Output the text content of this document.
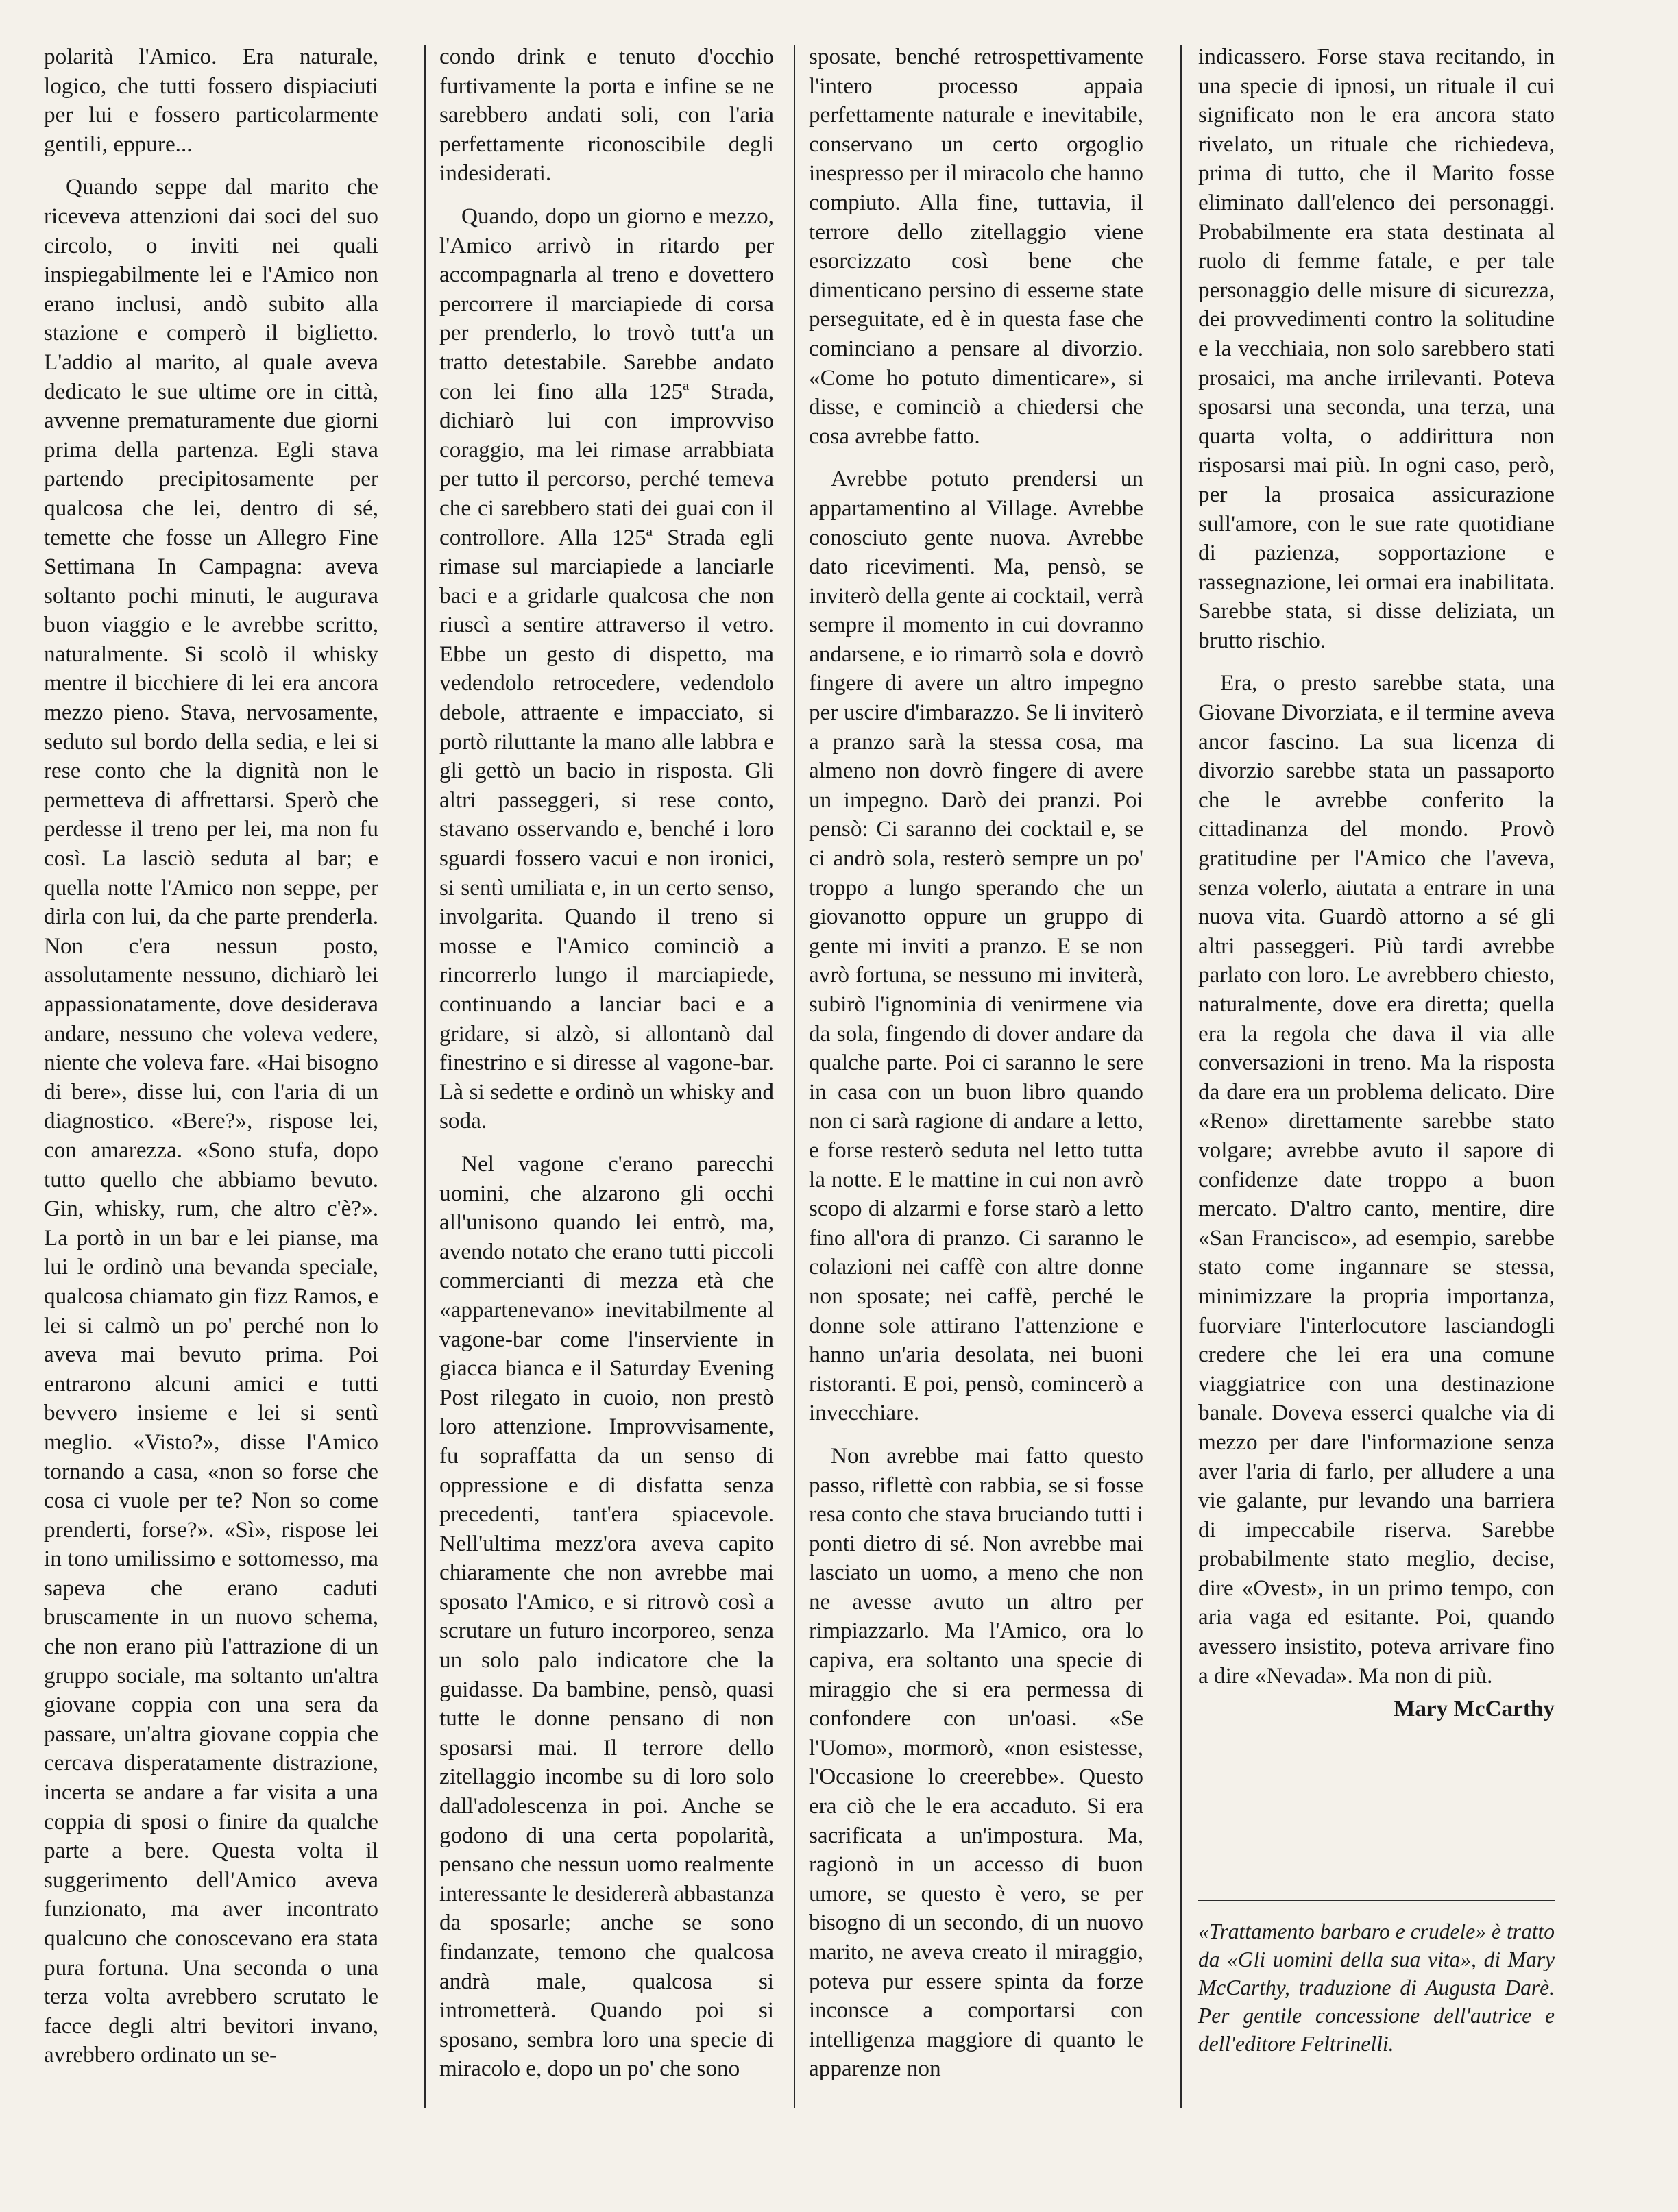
polarità l'Amico. Era naturale, logico, che tutti fossero dispiaciuti per lui e fossero particolarmente gentili, eppure...

Quando seppe dal marito che riceveva attenzioni dai soci del suo circolo, o inviti nei quali inspiegabilmente lei e l'Amico non erano inclusi, andò subito alla stazione e comperò il biglietto. L'addio al marito, al quale aveva dedicato le sue ultime ore in città, avvenne prematuramente due giorni prima della partenza. Egli stava partendo precipitosamente per qualcosa che lei, dentro di sé, temette che fosse un Allegro Fine Settimana In Campagna: aveva soltanto pochi minuti, le augurava buon viaggio e le avrebbe scritto, naturalmente. Si scolò il whisky mentre il bicchiere di lei era ancora mezzo pieno. Stava, nervosamente, seduto sul bordo della sedia, e lei si rese conto che la dignità non le permetteva di affrettarsi. Sperò che perdesse il treno per lei, ma non fu così. La lasciò seduta al bar; e quella notte l'Amico non seppe, per dirla con lui, da che parte prenderla. Non c'era nessun posto, assolutamente nessuno, dichiarò lei appassionatamente, dove desiderava andare, nessuno che voleva vedere, niente che voleva fare. «Hai bisogno di bere», disse lui, con l'aria di un diagnostico. «Bere?», rispose lei, con amarezza. «Sono stufa, dopo tutto quello che abbiamo bevuto. Gin, whisky, rum, che altro c'è?». La portò in un bar e lei pianse, ma lui le ordinò una bevanda speciale, qualcosa chiamato gin fizz Ramos, e lei si calmò un po' perché non lo aveva mai bevuto prima. Poi entrarono alcuni amici e tutti bevvero insieme e lei si sentì meglio. «Visto?», disse l'Amico tornando a casa, «non so forse che cosa ci vuole per te? Non so come prenderti, forse?». «Sì», rispose lei in tono umilissimo e sottomesso, ma sapeva che erano caduti bruscamente in un nuovo schema, che non erano più l'attrazione di un gruppo sociale, ma soltanto un'altra giovane coppia con una sera da passare, un'altra giovane coppia che cercava disperatamente distrazione, incerta se andare a far visita a una coppia di sposi o finire da qualche parte a bere. Questa volta il suggerimento dell'Amico aveva funzionato, ma aver incontrato qualcuno che conoscevano era stata pura fortuna. Una seconda o una terza volta avrebbero scrutato le facce degli altri bevitori invano, avrebbero ordinato un se-

condo drink e tenuto d'occhio furtivamente la porta e infine se ne sarebbero andati soli, con l'aria perfettamente riconoscibile degli indesiderati.

Quando, dopo un giorno e mezzo, l'Amico arrivò in ritardo per accompagnarla al treno e dovettero percorrere il marciapiede di corsa per prenderlo, lo trovò tutt'a un tratto detestabile. Sarebbe andato con lei fino alla 125ª Strada, dichiarò lui con improvviso coraggio, ma lei rimase arrabbiata per tutto il percorso, perché temeva che ci sarebbero stati dei guai con il controllore. Alla 125ª Strada egli rimase sul marciapiede a lanciarle baci e a gridarle qualcosa che non riuscì a sentire attraverso il vetro. Ebbe un gesto di dispetto, ma vedendolo retrocedere, vedendolo debole, attraente e impacciato, si portò riluttante la mano alle labbra e gli gettò un bacio in risposta. Gli altri passeggeri, si rese conto, stavano osservando e, benché i loro sguardi fossero vacui e non ironici, si sentì umiliata e, in un certo senso, involgarita. Quando il treno si mosse e l'Amico cominciò a rincorrerlo lungo il marciapiede, continuando a lanciar baci e a gridare, si alzò, si allontanò dal finestrino e si diresse al vagone-bar. Là si sedette e ordinò un whisky and soda.

Nel vagone c'erano parecchi uomini, che alzarono gli occhi all'unisono quando lei entrò, ma, avendo notato che erano tutti piccoli commercianti di mezza età che «appartenevano» inevitabilmente al vagone-bar come l'inserviente in giacca bianca e il Saturday Evening Post rilegato in cuoio, non prestò loro attenzione. Improvvisamente, fu sopraffatta da un senso di oppressione e di disfatta senza precedenti, tant'era spiacevole. Nell'ultima mezz'ora aveva capito chiaramente che non avrebbe mai sposato l'Amico, e si ritrovò così a scrutare un futuro incorporeo, senza un solo palo indicatore che la guidasse. Da bambine, pensò, quasi tutte le donne pensano di non sposarsi mai. Il terrore dello zitellaggio incombe su di loro solo dall'adolescenza in poi. Anche se godono di una certa popolarità, pensano che nessun uomo realmente interessante le desidererà abbastanza da sposarle; anche se sono findanzate, temono che qualcosa andrà male, qualcosa si intrometterà. Quando poi si sposano, sembra loro una specie di miracolo e, dopo un po' che sono

sposate, benché retrospettivamente l'intero processo appaia perfettamente naturale e inevitabile, conservano un certo orgoglio inespresso per il miracolo che hanno compiuto. Alla fine, tuttavia, il terrore dello zitellaggio viene esorcizzato così bene che dimenticano persino di esserne state perseguitate, ed è in questa fase che cominciano a pensare al divorzio. «Come ho potuto dimenticare», si disse, e cominciò a chiedersi che cosa avrebbe fatto.

Avrebbe potuto prendersi un appartamentino al Village. Avrebbe conosciuto gente nuova. Avrebbe dato ricevimenti. Ma, pensò, se inviterò della gente ai cocktail, verrà sempre il momento in cui dovranno andarsene, e io rimarrò sola e dovrò fingere di avere un altro impegno per uscire d'imbarazzo. Se li inviterò a pranzo sarà la stessa cosa, ma almeno non dovrò fingere di avere un impegno. Darò dei pranzi. Poi pensò: Ci saranno dei cocktail e, se ci andrò sola, resterò sempre un po' troppo a lungo sperando che un giovanotto oppure un gruppo di gente mi inviti a pranzo. E se non avrò fortuna, se nessuno mi inviterà, subirò l'ignominia di venirmene via da sola, fingendo di dover andare da qualche parte. Poi ci saranno le sere in casa con un buon libro quando non ci sarà ragione di andare a letto, e forse resterò seduta nel letto tutta la notte. E le mattine in cui non avrò scopo di alzarmi e forse starò a letto fino all'ora di pranzo. Ci saranno le colazioni nei caffè con altre donne non sposate; nei caffè, perché le donne sole attirano l'attenzione e hanno un'aria desolata, nei buoni ristoranti. E poi, pensò, comincerò a invecchiare.

Non avrebbe mai fatto questo passo, riflettè con rabbia, se si fosse resa conto che stava bruciando tutti i ponti dietro di sé. Non avrebbe mai lasciato un uomo, a meno che non ne avesse avuto un altro per rimpiazzarlo. Ma l'Amico, ora lo capiva, era soltanto una specie di miraggio che si era permessa di confondere con un'oasi. «Se l'Uomo», mormorò, «non esistesse, l'Occasione lo creerebbe». Questo era ciò che le era accaduto. Si era sacrificata a un'impostura. Ma, ragionò in un accesso di buon umore, se questo è vero, se per bisogno di un secondo, di un nuovo marito, ne aveva creato il miraggio, poteva pur essere spinta da forze inconsce a comportarsi con intelligenza maggiore di quanto le apparenze non

indicassero. Forse stava recitando, in una specie di ipnosi, un rituale il cui significato non le era ancora stato rivelato, un rituale che richiedeva, prima di tutto, che il Marito fosse eliminato dall'elenco dei personaggi. Probabilmente era stata destinata al ruolo di femme fatale, e per tale personaggio delle misure di sicurezza, dei provvedimenti contro la solitudine e la vecchiaia, non solo sarebbero stati prosaici, ma anche irrilevanti. Poteva sposarsi una seconda, una terza, una quarta volta, o addirittura non risposarsi mai più. In ogni caso, però, per la prosaica assicurazione sull'amore, con le sue rate quotidiane di pazienza, sopportazione e rassegnazione, lei ormai era inabilitata. Sarebbe stata, si disse deliziata, un brutto rischio.

Era, o presto sarebbe stata, una Giovane Divorziata, e il termine aveva ancor fascino. La sua licenza di divorzio sarebbe stata un passaporto che le avrebbe conferito la cittadinanza del mondo. Provò gratitudine per l'Amico che l'aveva, senza volerlo, aiutata a entrare in una nuova vita. Guardò attorno a sé gli altri passeggeri. Più tardi avrebbe parlato con loro. Le avrebbero chiesto, naturalmente, dove era diretta; quella era la regola che dava il via alle conversazioni in treno. Ma la risposta da dare era un problema delicato. Dire «Reno» direttamente sarebbe stato volgare; avrebbe avuto il sapore di confidenze date troppo a buon mercato. D'altro canto, mentire, dire «San Francisco», ad esempio, sarebbe stato come ingannare se stessa, minimizzare la propria importanza, fuorviare l'interlocutore lasciandogli credere che lei era una comune viaggiatrice con una destinazione banale. Doveva esserci qualche via di mezzo per dare l'informazione senza aver l'aria di farlo, per alludere a una vie galante, pur levando una barriera di impeccabile riserva. Sarebbe probabilmente stato meglio, decise, dire «Ovest», in un primo tempo, con aria vaga ed esitante. Poi, quando avessero insistito, poteva arrivare fino a dire «Nevada». Ma non di più.

Mary McCarthy

«Trattamento barbaro e crudele» è tratto da «Gli uomini della sua vita», di Mary McCarthy, traduzione di Augusta Darè. Per gentile concessione dell'autrice e dell'editore Feltrinelli.
